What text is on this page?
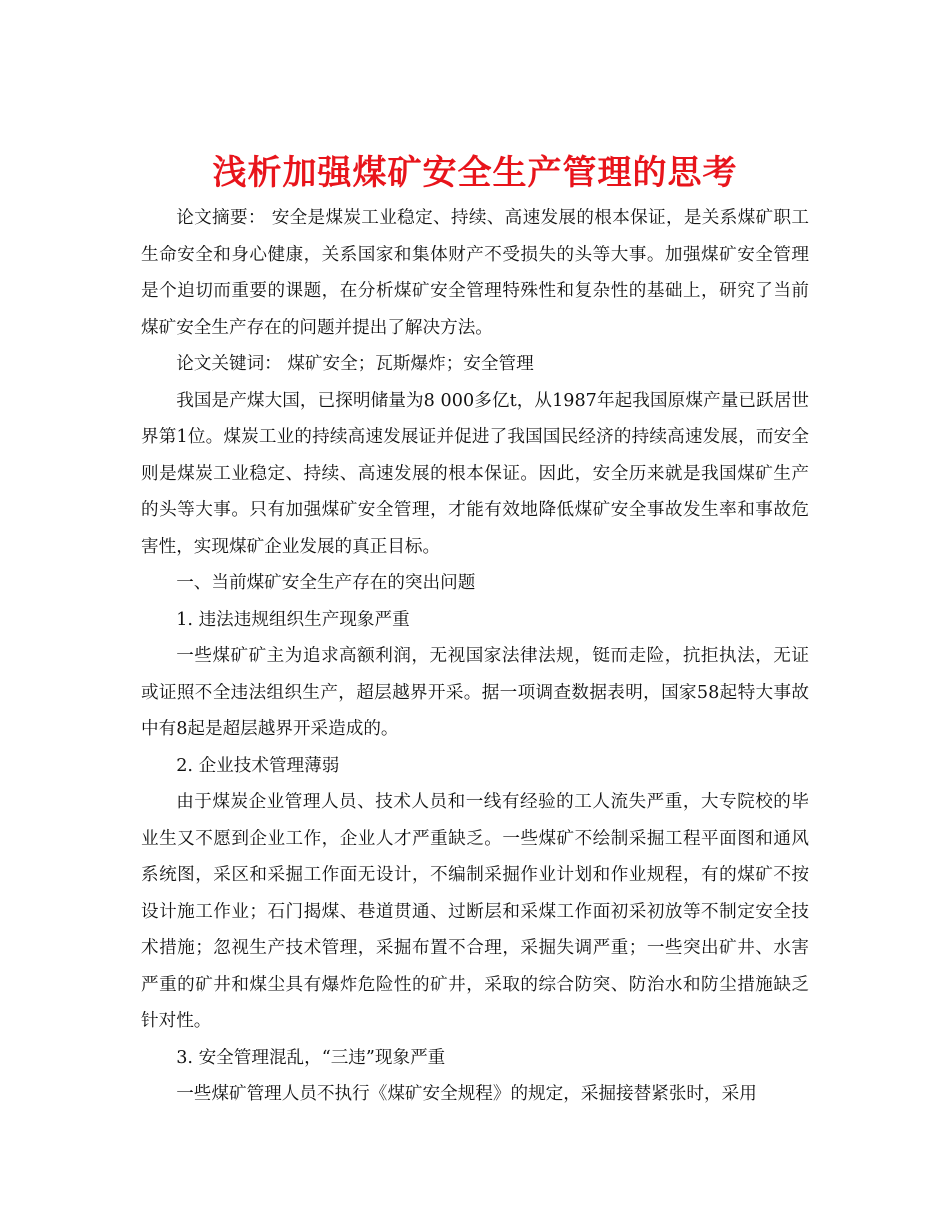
浅析加强煤矿安全生产管理的思考

论文摘要： 安全是煤炭工业稳定、持续、高速发展的根本保证，是关系煤矿职工生命安全和身心健康，关系国家和集体财产不受损失的头等大事。加强煤矿安全管理是个迫切而重要的课题，在分析煤矿安全管理特殊性和复杂性的基础上，研究了当前煤矿安全生产存在的问题并提出了解决方法。

论文关键词： 煤矿安全；瓦斯爆炸；安全管理

我国是产煤大国，已探明储量为8 000多亿t，从1987年起我国原煤产量已跃居世界第1位。煤炭工业的持续高速发展证并促进了我国国民经济的持续高速发展，而安全则是煤炭工业稳定、持续、高速发展的根本保证。因此，安全历来就是我国煤矿生产的头等大事。只有加强煤矿安全管理，才能有效地降低煤矿安全事故发生率和事故危害性，实现煤矿企业发展的真正目标。

一、当前煤矿安全生产存在的突出问题

1. 违法违规组织生产现象严重

一些煤矿矿主为追求高额利润，无视国家法律法规，铤而走险，抗拒执法，无证或证照不全违法组织生产，超层越界开采。据一项调查数据表明，国家58起特大事故中有8起是超层越界开采造成的。

2. 企业技术管理薄弱

由于煤炭企业管理人员、技术人员和一线有经验的工人流失严重，大专院校的毕业生又不愿到企业工作，企业人才严重缺乏。一些煤矿不绘制采掘工程平面图和通风系统图，采区和采掘工作面无设计，不编制采掘作业计划和作业规程，有的煤矿不按设计施工作业；石门揭煤、巷道贯通、过断层和采煤工作面初采初放等不制定安全技术措施；忽视生产技术管理，采掘布置不合理，采掘失调严重；一些突出矿井、水害严重的矿井和煤尘具有爆炸危险性的矿井，采取的综合防突、防治水和防尘措施缺乏针对性。

3. 安全管理混乱，“三违”现象严重

一些煤矿管理人员不执行《煤矿安全规程》的规定，采掘接替紧张时，采用
